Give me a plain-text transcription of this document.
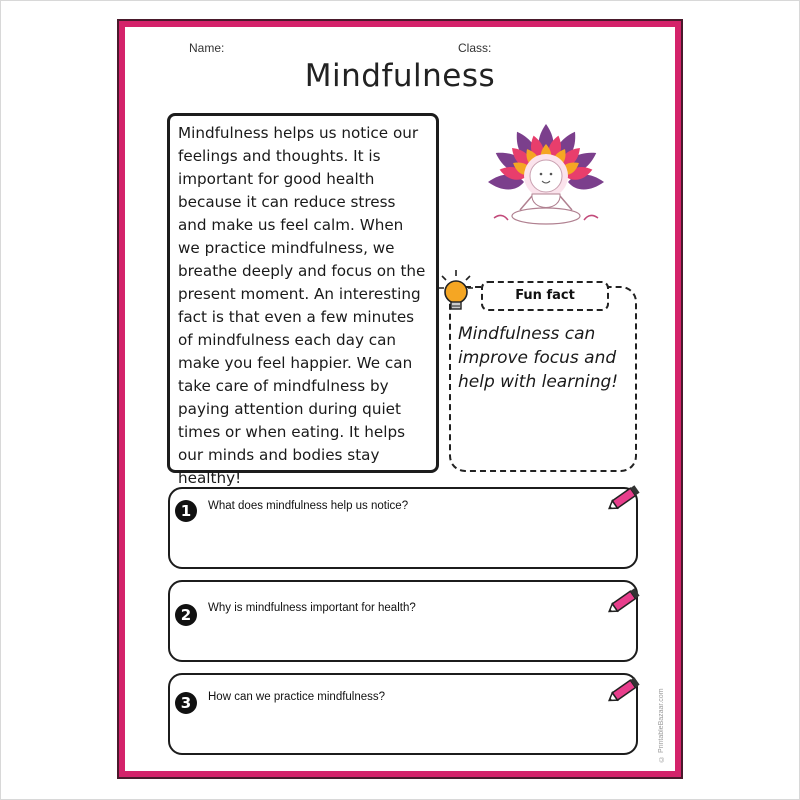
Name:	Class:
Mindfulness
Mindfulness helps us notice our feelings and thoughts. It is important for good health because it can reduce stress and make us feel calm. When we practice mindfulness, we breathe deeply and focus on the present moment. An interesting fact is that even a few minutes of mindfulness each day can make you feel happier. We can take care of mindfulness by paying attention during quiet times or when eating. It helps our minds and bodies stay healthy!
Fun fact
Mindfulness can improve focus and help with learning!
1 What does mindfulness help us notice?
2 Why is mindfulness important for health?
3 How can we practice mindfulness?	© PrintableBazaar.com
